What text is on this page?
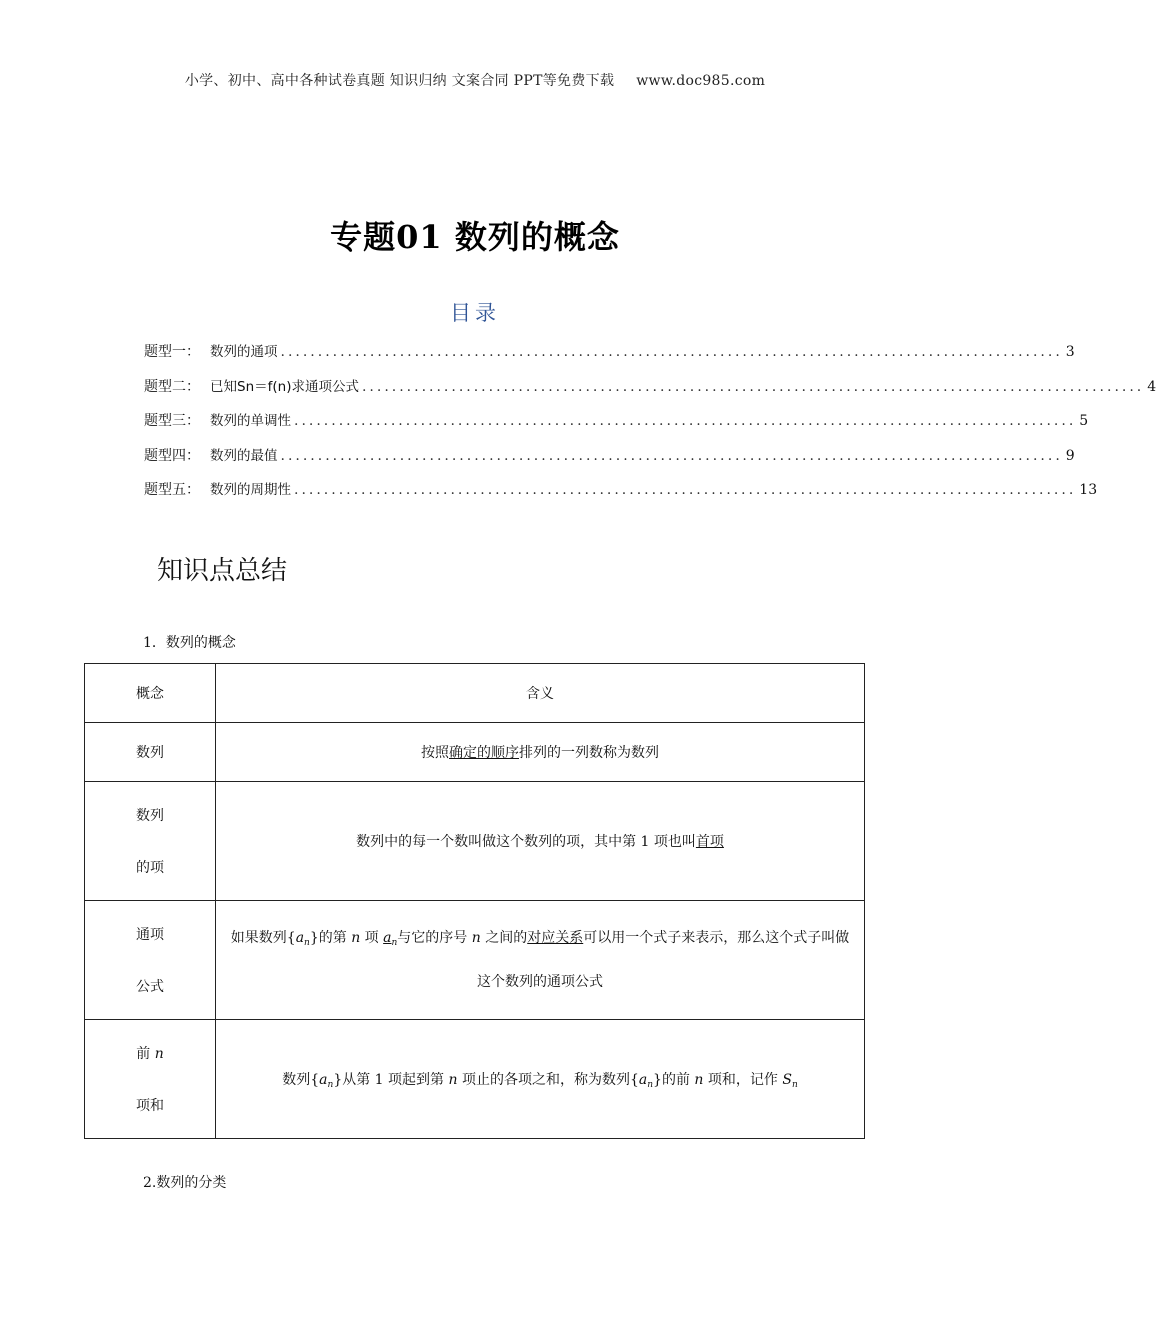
小学、初中、高中各种试卷真题 知识归纳 文案合同 PPT等免费下载 www.doc985.com
专题01 数列的概念
目录
题型一： 数列的通项 ......................................................................................................... 3
题型二： 已知Sn＝f(n)求通项公式 ......................................................................................................... 4
题型三： 数列的单调性 ......................................................................................................... 5
题型四： 数列的最值 ......................................................................................................... 9
题型五： 数列的周期性 ......................................................................................................... 13
知识点总结
1．数列的概念
概念	含义
数列	按照确定的顺序排列的一列数称为数列

数列
的项	数列中的每一个数叫做这个数列的项，其中第 1 项也叫首项

通项
公式	如果数列$\{a_n\}$的第 n 项 $a_n$与它的序号 n 之间的对应关系可以用一个式子来表示，那么这个式子叫做这个数列的通项公式

前 n
项和	数列$\{a_n\}$从第 1 项起到第 n 项止的各项之和，称为数列$\{a_n\}$的前 n 项和，记作 $S_n$
2.数列的分类
